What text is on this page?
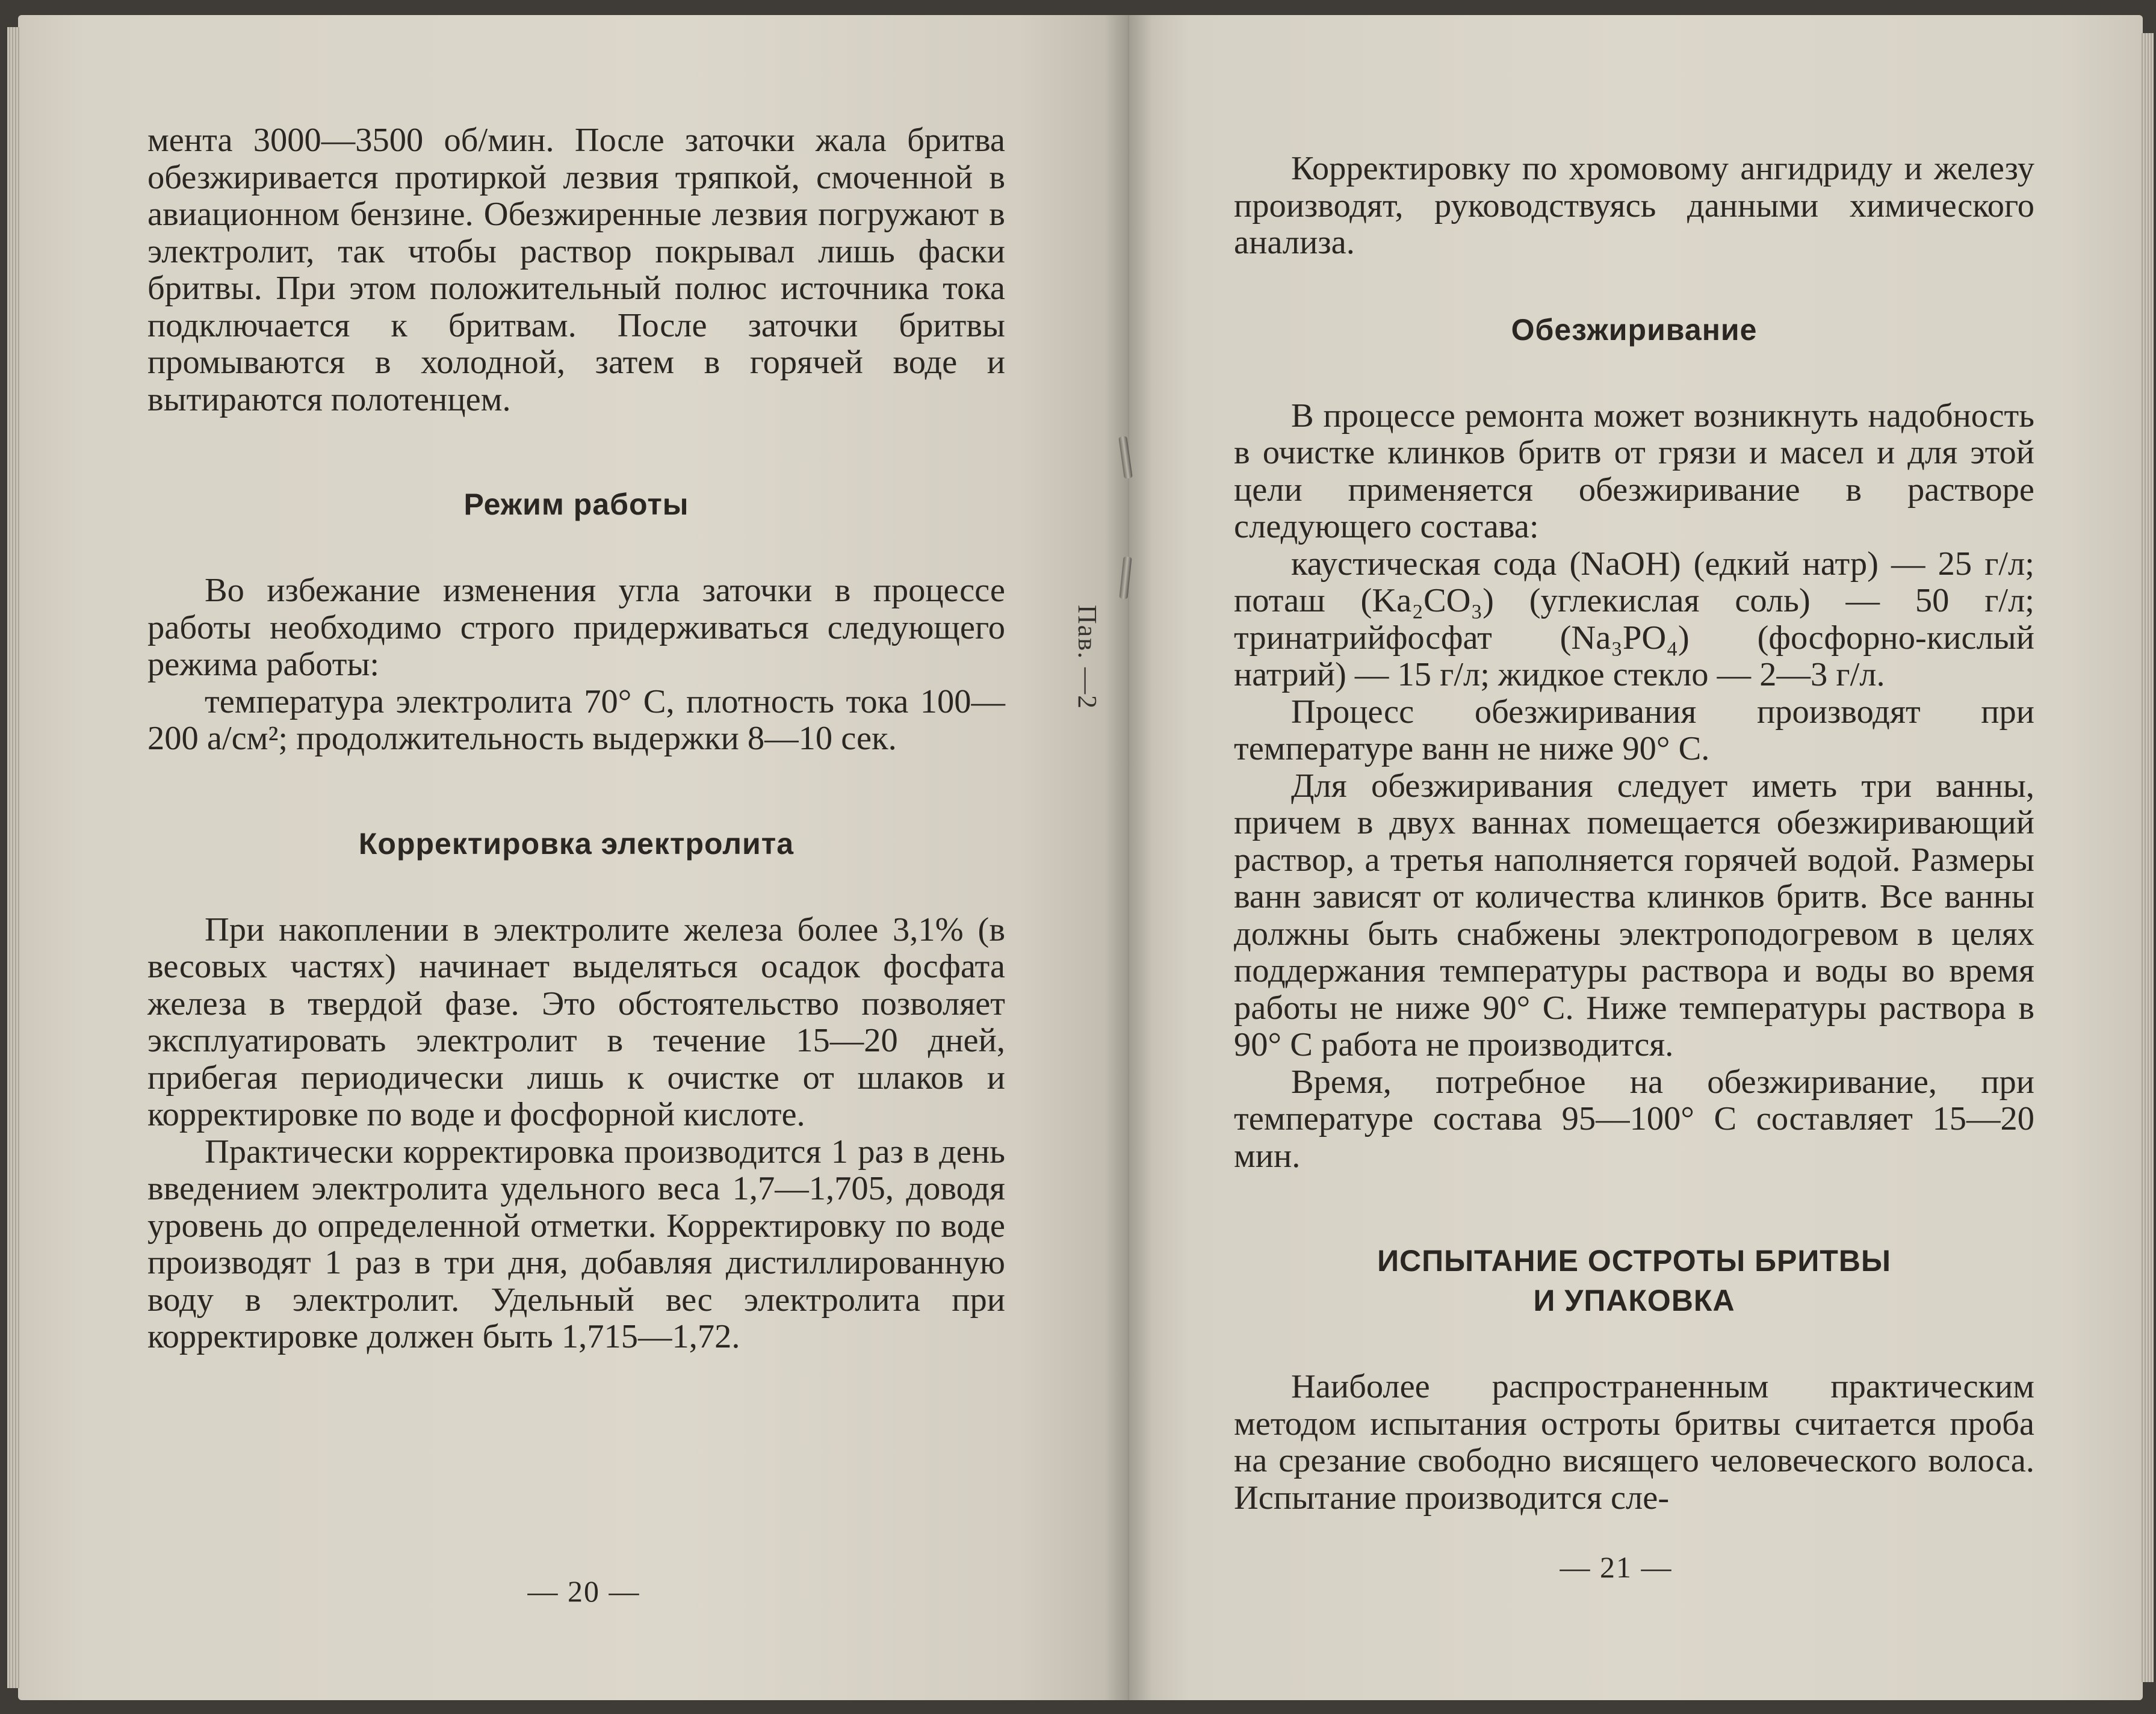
мента 3000—3500 об/мин. После заточки жала бритва обезжиривается протиркой лезвия тряпкой, смоченной в авиационном бензине. Обезжиренные лезвия погружают в электролит, так чтобы раствор покрывал лишь фаски бритвы. При этом положительный полюс источника тока подключается к бритвам. После заточки бритвы промываются в холодной, затем в горячей воде и вытираются полотенцем.

Режим работы

Во избежание изменения угла заточки в процессе работы необходимо строго придерживаться следующего режима работы:

температура электролита 70° С, плотность тока 100—200 а/см²; продолжительность выдержки 8—10 сек.

Корректировка электролита

При накоплении в электролите железа более 3,1% (в весовых частях) начинает выделяться осадок фосфата железа в твердой фазе. Это обстоятельство позволяет эксплуатировать электролит в течение 15—20 дней, прибегая периодически лишь к очистке от шлаков и корректировке по воде и фосфорной кислоте.

Практически корректировка производится 1 раз в день введением электролита удельного веса 1,7—1,705, доводя уровень до определенной отметки. Корректировку по воде производят 1 раз в три дня, добавляя дистиллированную воду в электролит. Удельный вес электролита при корректировке должен быть 1,715—1,72.

— 20 —

Корректировку по хромовому ангидриду и железу производят, руководствуясь данными химического анализа.

Обезжиривание

В процессе ремонта может возникнуть надобность в очистке клинков бритв от грязи и масел и для этой цели применяется обезжиривание в растворе следующего состава:

каустическая сода (NaOH) (едкий натр) — 25 г/л; поташ (Ka₂CO₃) (углекислая соль) — 50 г/л; тринатрийфосфат (Na₃PO₄) (фосфорно-кислый натрий) — 15 г/л; жидкое стекло — 2—3 г/л.

Процесс обезжиривания производят при температуре ванн не ниже 90° С.

Для обезжиривания следует иметь три ванны, причем в двух ваннах помещается обезжиривающий раствор, а третья наполняется горячей водой. Размеры ванн зависят от количества клинков бритв. Все ванны должны быть снабжены электроподогревом в целях поддержания температуры раствора и воды во время работы не ниже 90° С. Ниже температуры раствора в 90° С работа не производится.

Время, потребное на обезжиривание, при температуре состава 95—100° С составляет 15—20 мин.

ИСПЫТАНИЕ ОСТРОТЫ БРИТВЫ

И УПАКОВКА

Наиболее распространенным практическим методом испытания остроты бритвы считается проба на срезание свободно висящего человеческого волоса. Испытание производится сле-

— 21 —
Пав. —2
